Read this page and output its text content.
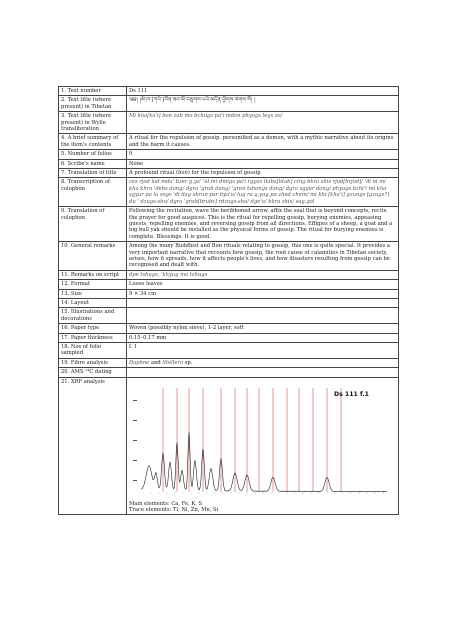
1. Text number	Ds 111
2. Text title (where present) in Tibetan	༄༅། །མི་ཁ་[ཀའི་]བོན་ཟབ་མོ་བཅུགས་པའི་མདོན་ཕྱོགས་ལེགས་སོ། །
3. Text title (where present) in Wylie transliteration	Mi kha[ka'i] bon zab mo bchugs pa'i mdon phyogs legs so/
4. A brief summary of the item's contents	A ritual for the repulsion of gossip, personified as a demon, with a mythic narrative about its origins and the harm it causes.
5. Number of folios	9
6. Scribe's name	None
7. Translation of title	A profound ritual (bon) for the repulsion of gossip
8. Transcription of colophon	ces rjod lad mda' bzer g.ya' 'ol mi dmigs pa'i rgyas ltabs[btab] cing bkra shis rjod[brjod]/ 'di ni mi kha khra 'debs dang/ dgra 'grub dang/ 'gron tshongs dang/ dgra sgyur dang/ phyogs bzhi'i mi kha sgyur pa la sogs 'di dag skrun par bya'o/ lug ra g.yag po zhed chem/ mi khi [kha'i] gzungs [gzugs?] du ' dzugs-sho/ dgra 'grub[brubs] rdzogs-sho/ dge'o/ bkra shis/ sag.gol
9. Translation of colophon	Following the recitation, wave the beribboned arrow, affix the seal that is beyond concepts, recite the prayer for good auspices. This is the ritual for repelling gossip, burying enemies, appeasing guests, repelling enemies, and reversing gossip from all directions. Effigies of a sheep, a goat and a big bull yak should be installed as the physical forms of gossip. The ritual for burying enemies is complete. Blessings. It is good.
10. General remarks	Among the many Buddhist and Bon rituals relating to gossip, this one is quite special. It provides a very important narrative that recounts how gossip, the root cause of calamities in Tibetan society, arises, how it spreads, how it affects people's lives, and how disasters resulting from gossip can be recognised and dealt with.
11. Remarks on script	dpe tshugs, 'khyug ma tshugs
12. Format	Loose leaves
13. Size	9 × 34 cm
14. Layout	
15. Illustrations and decorations	
16. Paper type	Woven (possibly nylon sieve), 1-2 layer, soft
17. Paper thickness	0.15–0.17 mm
18. Nos of folio sampled	f. 1
19. Fibre analysis	Daphne and Stellera sp.
20. AMS ¹⁴C dating	
21. XRF analysis	Ds 111 f.1
Main elements: Ca, Fe, K, S
Trace elements: Ti, Ni, Zn, Mn, Si
